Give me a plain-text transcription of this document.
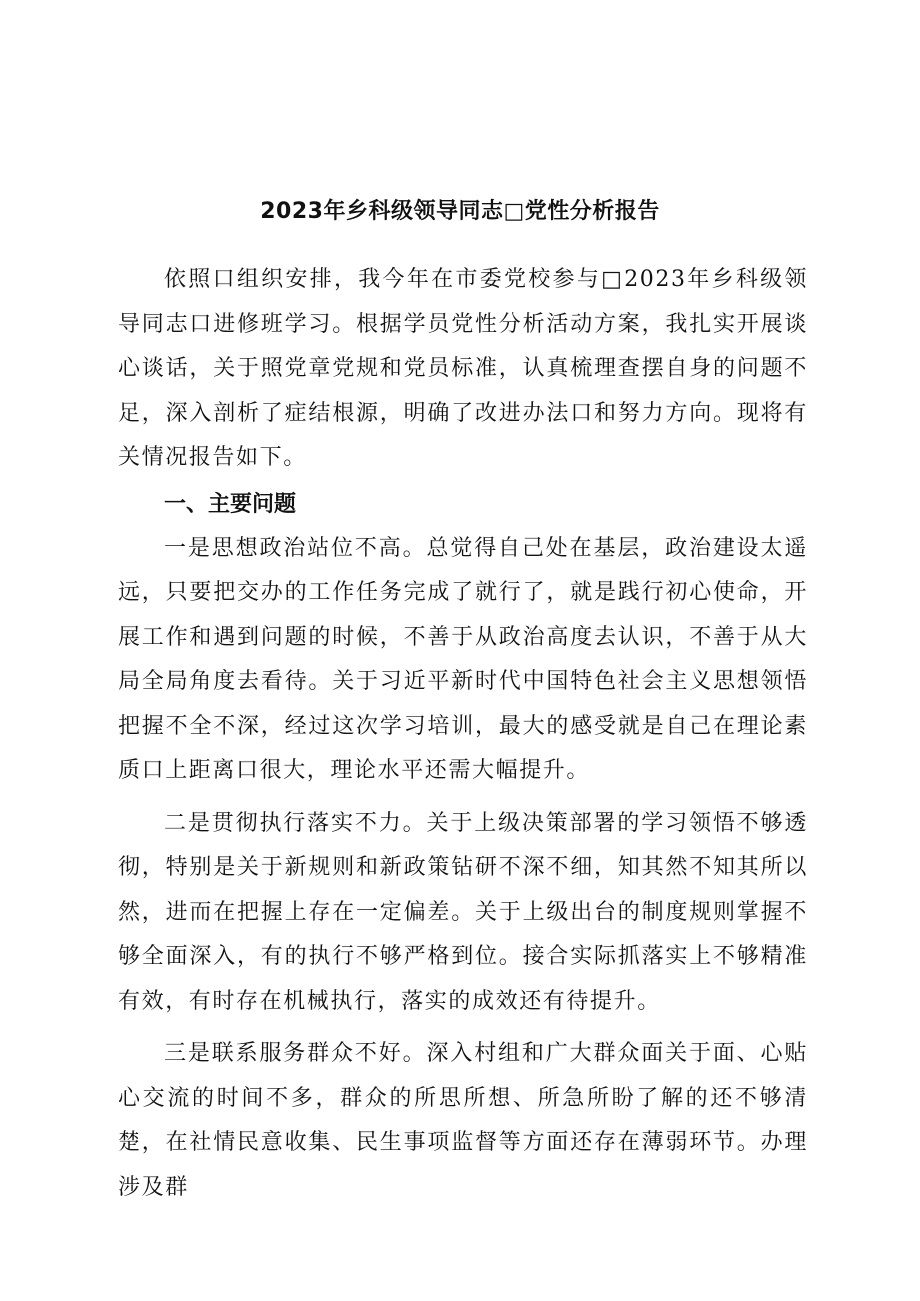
2023年乡科级领导同志□党性分析报告

依照口组织安排，我今年在市委党校参与□2023年乡科级领导同志口进修班学习。根据学员党性分析活动方案，我扎实开展谈心谈话，关于照党章党规和党员标准，认真梳理查摆自身的问题不足，深入剖析了症结根源，明确了改进办法口和努力方向。现将有关情况报告如下。

一、主要问题

一是思想政治站位不高。总觉得自己处在基层，政治建设太遥远，只要把交办的工作任务完成了就行了，就是践行初心使命，开展工作和遇到问题的时候，不善于从政治高度去认识，不善于从大局全局角度去看待。关于习近平新时代中国特色社会主义思想领悟把握不全不深，经过这次学习培训，最大的感受就是自己在理论素质口上距离口很大，理论水平还需大幅提升。

二是贯彻执行落实不力。关于上级决策部署的学习领悟不够透彻，特别是关于新规则和新政策钻研不深不细，知其然不知其所以然，进而在把握上存在一定偏差。关于上级出台的制度规则掌握不够全面深入，有的执行不够严格到位。接合实际抓落实上不够精准有效，有时存在机械执行，落实的成效还有待提升。

三是联系服务群众不好。深入村组和广大群众面关于面、心贴心交流的时间不多，群众的所思所想、所急所盼了解的还不够清楚，在社情民意收集、民生事项监督等方面还存在薄弱环节。办理涉及群
